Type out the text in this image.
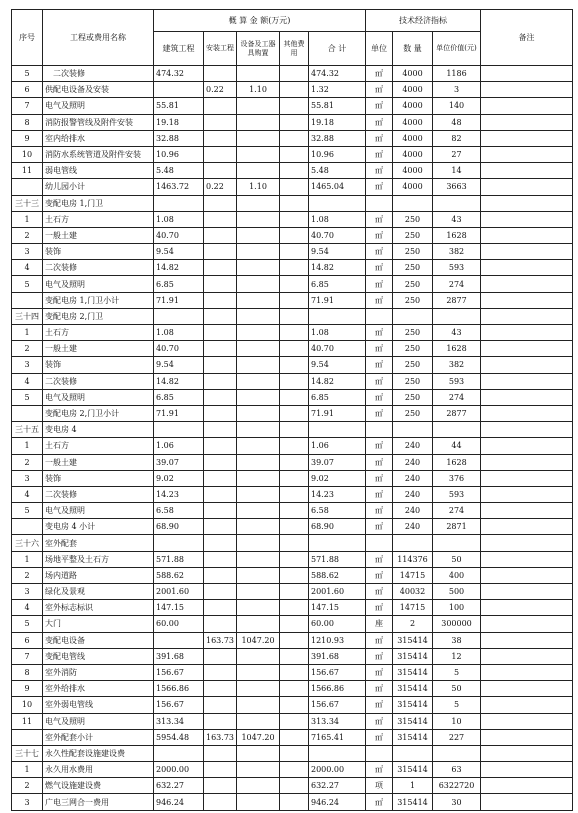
序号	工程或费用名称	概 算 金 额(万元)					技术经济指标			备注
		建筑工程	安装工程	设备及工器具购置	其他费用	合 计	单位	数 量	单位价值(元)	
5	二次装修	474.32				474.32	㎡	4000	1186	
6	供配电设备及安装		0.22	1.10		1.32	㎡	4000	3	
7	电气及照明	55.81				55.81	㎡	4000	140	
8	消防报警管线及附件安装	19.18				19.18	㎡	4000	48	
9	室内给排水	32.88				32.88	㎡	4000	82	
10	消防水系统管道及附件安装	10.96				10.96	㎡	4000	27	
11	弱电管线	5.48				5.48	㎡	4000	14	
	幼儿园小计	1463.72	0.22	1.10		1465.04	㎡	4000	3663	
三十三	变配电房 1,门卫									
1	土石方	1.08				1.08	㎡	250	43	
2	一般土建	40.70				40.70	㎡	250	1628	
3	装饰	9.54				9.54	㎡	250	382	
4	二次装修	14.82				14.82	㎡	250	593	
5	电气及照明	6.85				6.85	㎡	250	274	
	变配电房 1,门卫小计	71.91				71.91	㎡	250	2877	
三十四	变配电房 2,门卫									
1	土石方	1.08				1.08	㎡	250	43	
2	一般土建	40.70				40.70	㎡	250	1628	
3	装饰	9.54				9.54	㎡	250	382	
4	二次装修	14.82				14.82	㎡	250	593	
5	电气及照明	6.85				6.85	㎡	250	274	
	变配电房 2,门卫小计	71.91				71.91	㎡	250	2877	
三十五	变电房 4									
1	土石方	1.06				1.06	㎡	240	44	
2	一般土建	39.07				39.07	㎡	240	1628	
3	装饰	9.02				9.02	㎡	240	376	
4	二次装修	14.23				14.23	㎡	240	593	
5	电气及照明	6.58				6.58	㎡	240	274	
	变电房 4 小计	68.90				68.90	㎡	240	2871	
三十六	室外配套									
1	场地平整及土石方	571.88				571.88	㎡	114376	50	
2	场内道路	588.62				588.62	㎡	14715	400	
3	绿化及景观	2001.60				2001.60	㎡	40032	500	
4	室外标志标识	147.15				147.15	㎡	14715	100	
5	大门	60.00				60.00	座	2	300000	
6	变配电设备		163.73	1047.20		1210.93	㎡	315414	38	
7	变配电管线	391.68				391.68	㎡	315414	12	
8	室外消防	156.67				156.67	㎡	315414	5	
9	室外给排水	1566.86				1566.86	㎡	315414	50	
10	室外弱电管线	156.67				156.67	㎡	315414	5	
11	电气及照明	313.34				313.34	㎡	315414	10	
	室外配套小计	5954.48	163.73	1047.20		7165.41	㎡	315414	227	
三十七	永久性配套设施建设费									
1	永久用水费用	2000.00				2000.00	㎡	315414	63	
2	燃气设施建设费	632.27				632.27	项	1	6322720	
3	广电三网合一费用	946.24				946.24	㎡	315414	30	
